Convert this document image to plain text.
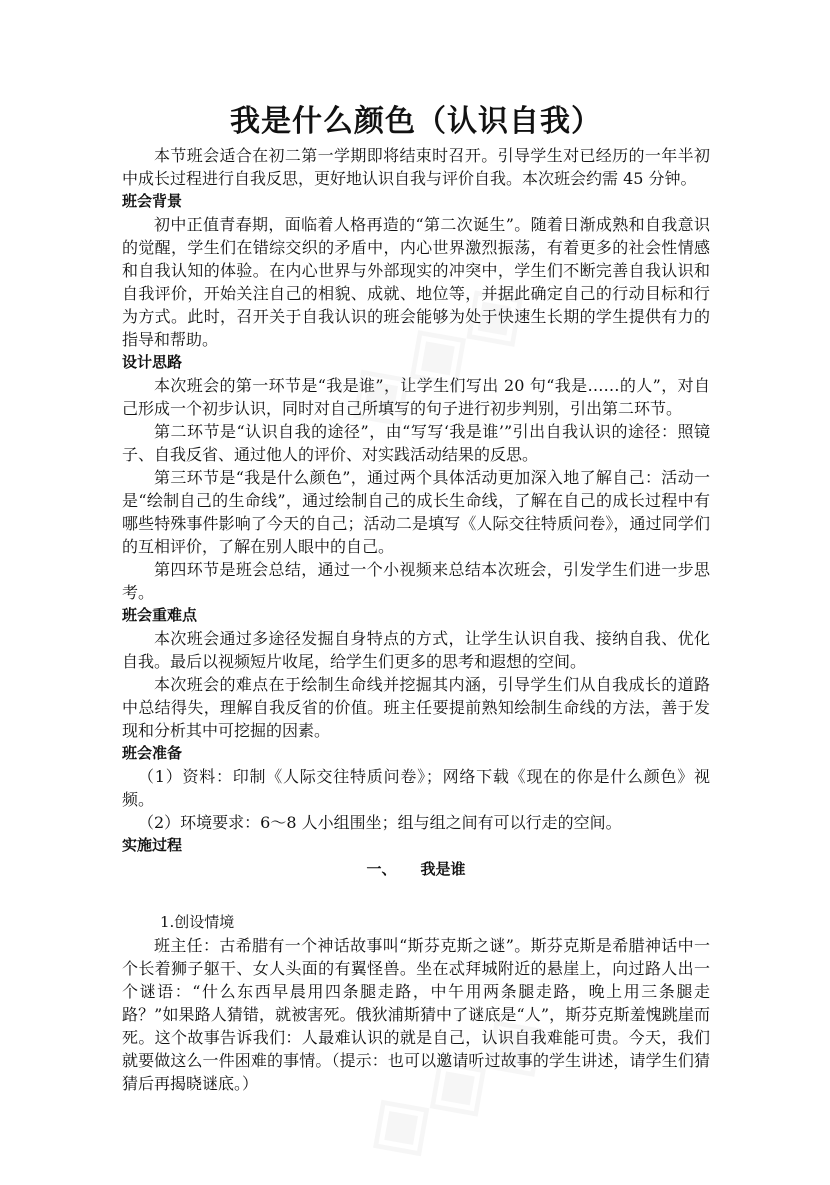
我是什么颜色（认识自我）

本节班会适合在初二第一学期即将结束时召开。引导学生对已经历的一年半初中成长过程进行自我反思，更好地认识自我与评价自我。本次班会约需 45 分钟。

班会背景

初中正值青春期，面临着人格再造的“第二次诞生”。随着日渐成熟和自我意识的觉醒，学生们在错综交织的矛盾中，内心世界激烈振荡，有着更多的社会性情感和自我认知的体验。在内心世界与外部现实的冲突中，学生们不断完善自我认识和自我评价，开始关注自己的相貌、成就、地位等，并据此确定自己的行动目标和行为方式。此时，召开关于自我认识的班会能够为处于快速生长期的学生提供有力的指导和帮助。

设计思路

本次班会的第一环节是“我是谁”，让学生们写出 20 句“我是……的人”，对自己形成一个初步认识，同时对自己所填写的句子进行初步判别，引出第二环节。

第二环节是“认识自我的途径”，由“写写‘我是谁’”引出自我认识的途径：照镜子、自我反省、通过他人的评价、对实践活动结果的反思。

第三环节是“我是什么颜色”，通过两个具体活动更加深入地了解自己：活动一是“绘制自己的生命线”，通过绘制自己的成长生命线，了解在自己的成长过程中有哪些特殊事件影响了今天的自己；活动二是填写《人际交往特质问卷》，通过同学们的互相评价，了解在别人眼中的自己。

第四环节是班会总结，通过一个小视频来总结本次班会，引发学生们进一步思考。

班会重难点

本次班会通过多途径发掘自身特点的方式，让学生认识自我、接纳自我、优化自我。最后以视频短片收尾，给学生们更多的思考和遐想的空间。

本次班会的难点在于绘制生命线并挖掘其内涵，引导学生们从自我成长的道路中总结得失，理解自我反省的价值。班主任要提前熟知绘制生命线的方法，善于发现和分析其中可挖掘的因素。

班会准备

（1）资料：印制《人际交往特质问卷》；网络下载《现在的你是什么颜色》视频。

（2）环境要求：6～8 人小组围坐；组与组之间有可以行走的空间。

实施过程
一、 我是谁
1.创设情境

班主任：古希腊有一个神话故事叫“斯芬克斯之谜”。斯芬克斯是希腊神话中一个长着狮子躯干、女人头面的有翼怪兽。坐在忒拜城附近的悬崖上，向过路人出一个谜语：“什么东西早晨用四条腿走路，中午用两条腿走路，晚上用三条腿走路？”如果路人猜错，就被害死。俄狄浦斯猜中了谜底是“人”，斯芬克斯羞愧跳崖而死。这个故事告诉我们：人最难认识的就是自己，认识自我难能可贵。今天，我们就要做这么一件困难的事情。（提示：也可以邀请听过故事的学生讲述，请学生们猜猜后再揭晓谜底。）
